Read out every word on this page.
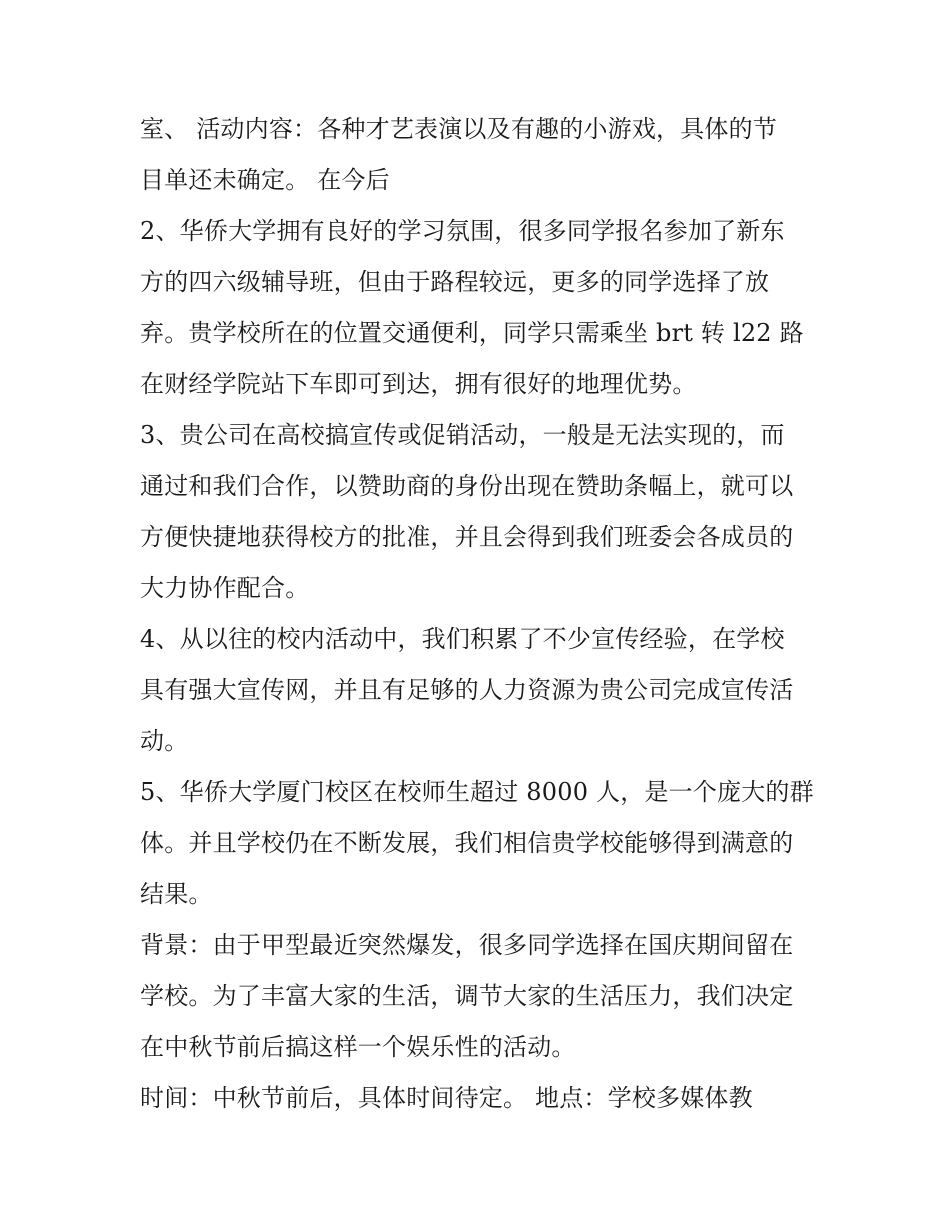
室、 活动内容：各种才艺表演以及有趣的小游戏，具体的节
目单还未确定。 在今后
2、华侨大学拥有良好的学习氛围，很多同学报名参加了新东
方的四六级辅导班，但由于路程较远，更多的同学选择了放
弃。贵学校所在的位置交通便利，同学只需乘坐 brt 转 l22 路
在财经学院站下车即可到达，拥有很好的地理优势。
3、贵公司在高校搞宣传或促销活动，一般是无法实现的，而
通过和我们合作，以赞助商的身份出现在赞助条幅上，就可以
方便快捷地获得校方的批准，并且会得到我们班委会各成员的
大力协作配合。
4、从以往的校内活动中，我们积累了不少宣传经验，在学校
具有强大宣传网，并且有足够的人力资源为贵公司完成宣传活
动。
5、华侨大学厦门校区在校师生超过 8000 人，是一个庞大的群
体。并且学校仍在不断发展，我们相信贵学校能够得到满意的
结果。
背景：由于甲型最近突然爆发，很多同学选择在国庆期间留在
学校。为了丰富大家的生活，调节大家的生活压力，我们决定
在中秋节前后搞这样一个娱乐性的活动。
时间：中秋节前后，具体时间待定。 地点：学校多媒体教
